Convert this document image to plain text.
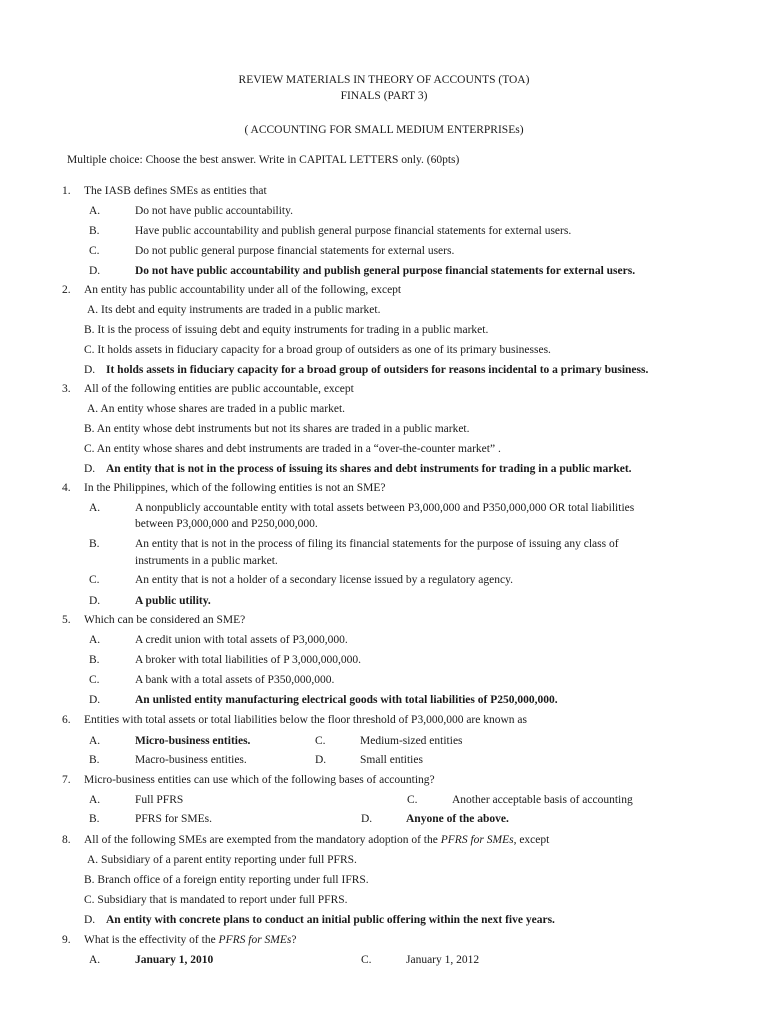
REVIEW MATERIALS IN THEORY OF ACCOUNTS (TOA)
FINALS (PART 3)
( ACCOUNTING FOR SMALL MEDIUM ENTERPRISEs)
Multiple choice: Choose the best answer. Write in CAPITAL LETTERS only. (60pts)
1. The IASB defines SMEs as entities that
A.	Do not have public accountability.
B.	Have public accountability and publish general purpose financial statements for external users.
C.	Do not public general purpose financial statements for external users.
D.	Do not have public accountability and publish general purpose financial statements for external users.
2. An entity has public accountability under all of the following, except
A. Its debt and equity instruments are traded in a public market.
B. It is the process of issuing debt and equity instruments for trading in a public market.
C. It holds assets in fiduciary capacity for a broad group of outsiders as one of its primary businesses.
D. It holds assets in fiduciary capacity for a broad group of outsiders for reasons incidental to a primary business.
3. All of the following entities are public accountable, except
A. An entity whose shares are traded in a public market.
B. An entity whose debt instruments but not its shares are traded in a public market.
C. An entity whose shares and debt instruments are traded in a “over-the-counter market” .
D. An entity that is not in the process of issuing its shares and debt instruments for trading in a public market.
4. In the Philippines, which of the following entities is not an SME?
A.	A nonpublicly accountable entity with total assets between P3,000,000 and P350,000,000 OR total liabilities
between P3,000,000 and P250,000,000.
B.	An entity that is not in the process of filing its financial statements for the purpose of issuing any class of
instruments in a public market.
C.	An entity that is not a holder of a secondary license issued by a regulatory agency.
D.	A public utility.
5. Which can be considered an SME?
A.	A credit union with total assets of P3,000,000.
B.	A broker with total liabilities of P 3,000,000,000.
C.	A bank with a total assets of P350,000,000.
D.	An unlisted entity manufacturing electrical goods with total liabilities of P250,000,000.
6. Entities with total assets or total liabilities below the floor threshold of P3,000,000 are known as
A.	Micro-business entities.	C.	Medium-sized entities
B.	Macro-business entities.	D.	Small entities
7. Micro-business entities can use which of the following bases of accounting?
A.	Full PFRS	C.	Another acceptable basis of accounting
B.	PFRS for SMEs.	D.	Anyone of the above.
8. All of the following SMEs are exempted from the mandatory adoption of the PFRS for SMEs, except
A. Subsidiary of a parent entity reporting under full PFRS.
B. Branch office of a foreign entity reporting under full IFRS.
C. Subsidiary that is mandated to report under full PFRS.
D. An entity with concrete plans to conduct an initial public offering within the next five years.
9. What is the effectivity of the PFRS for SMEs?
A.	January 1, 2010	C.	January 1, 2012
